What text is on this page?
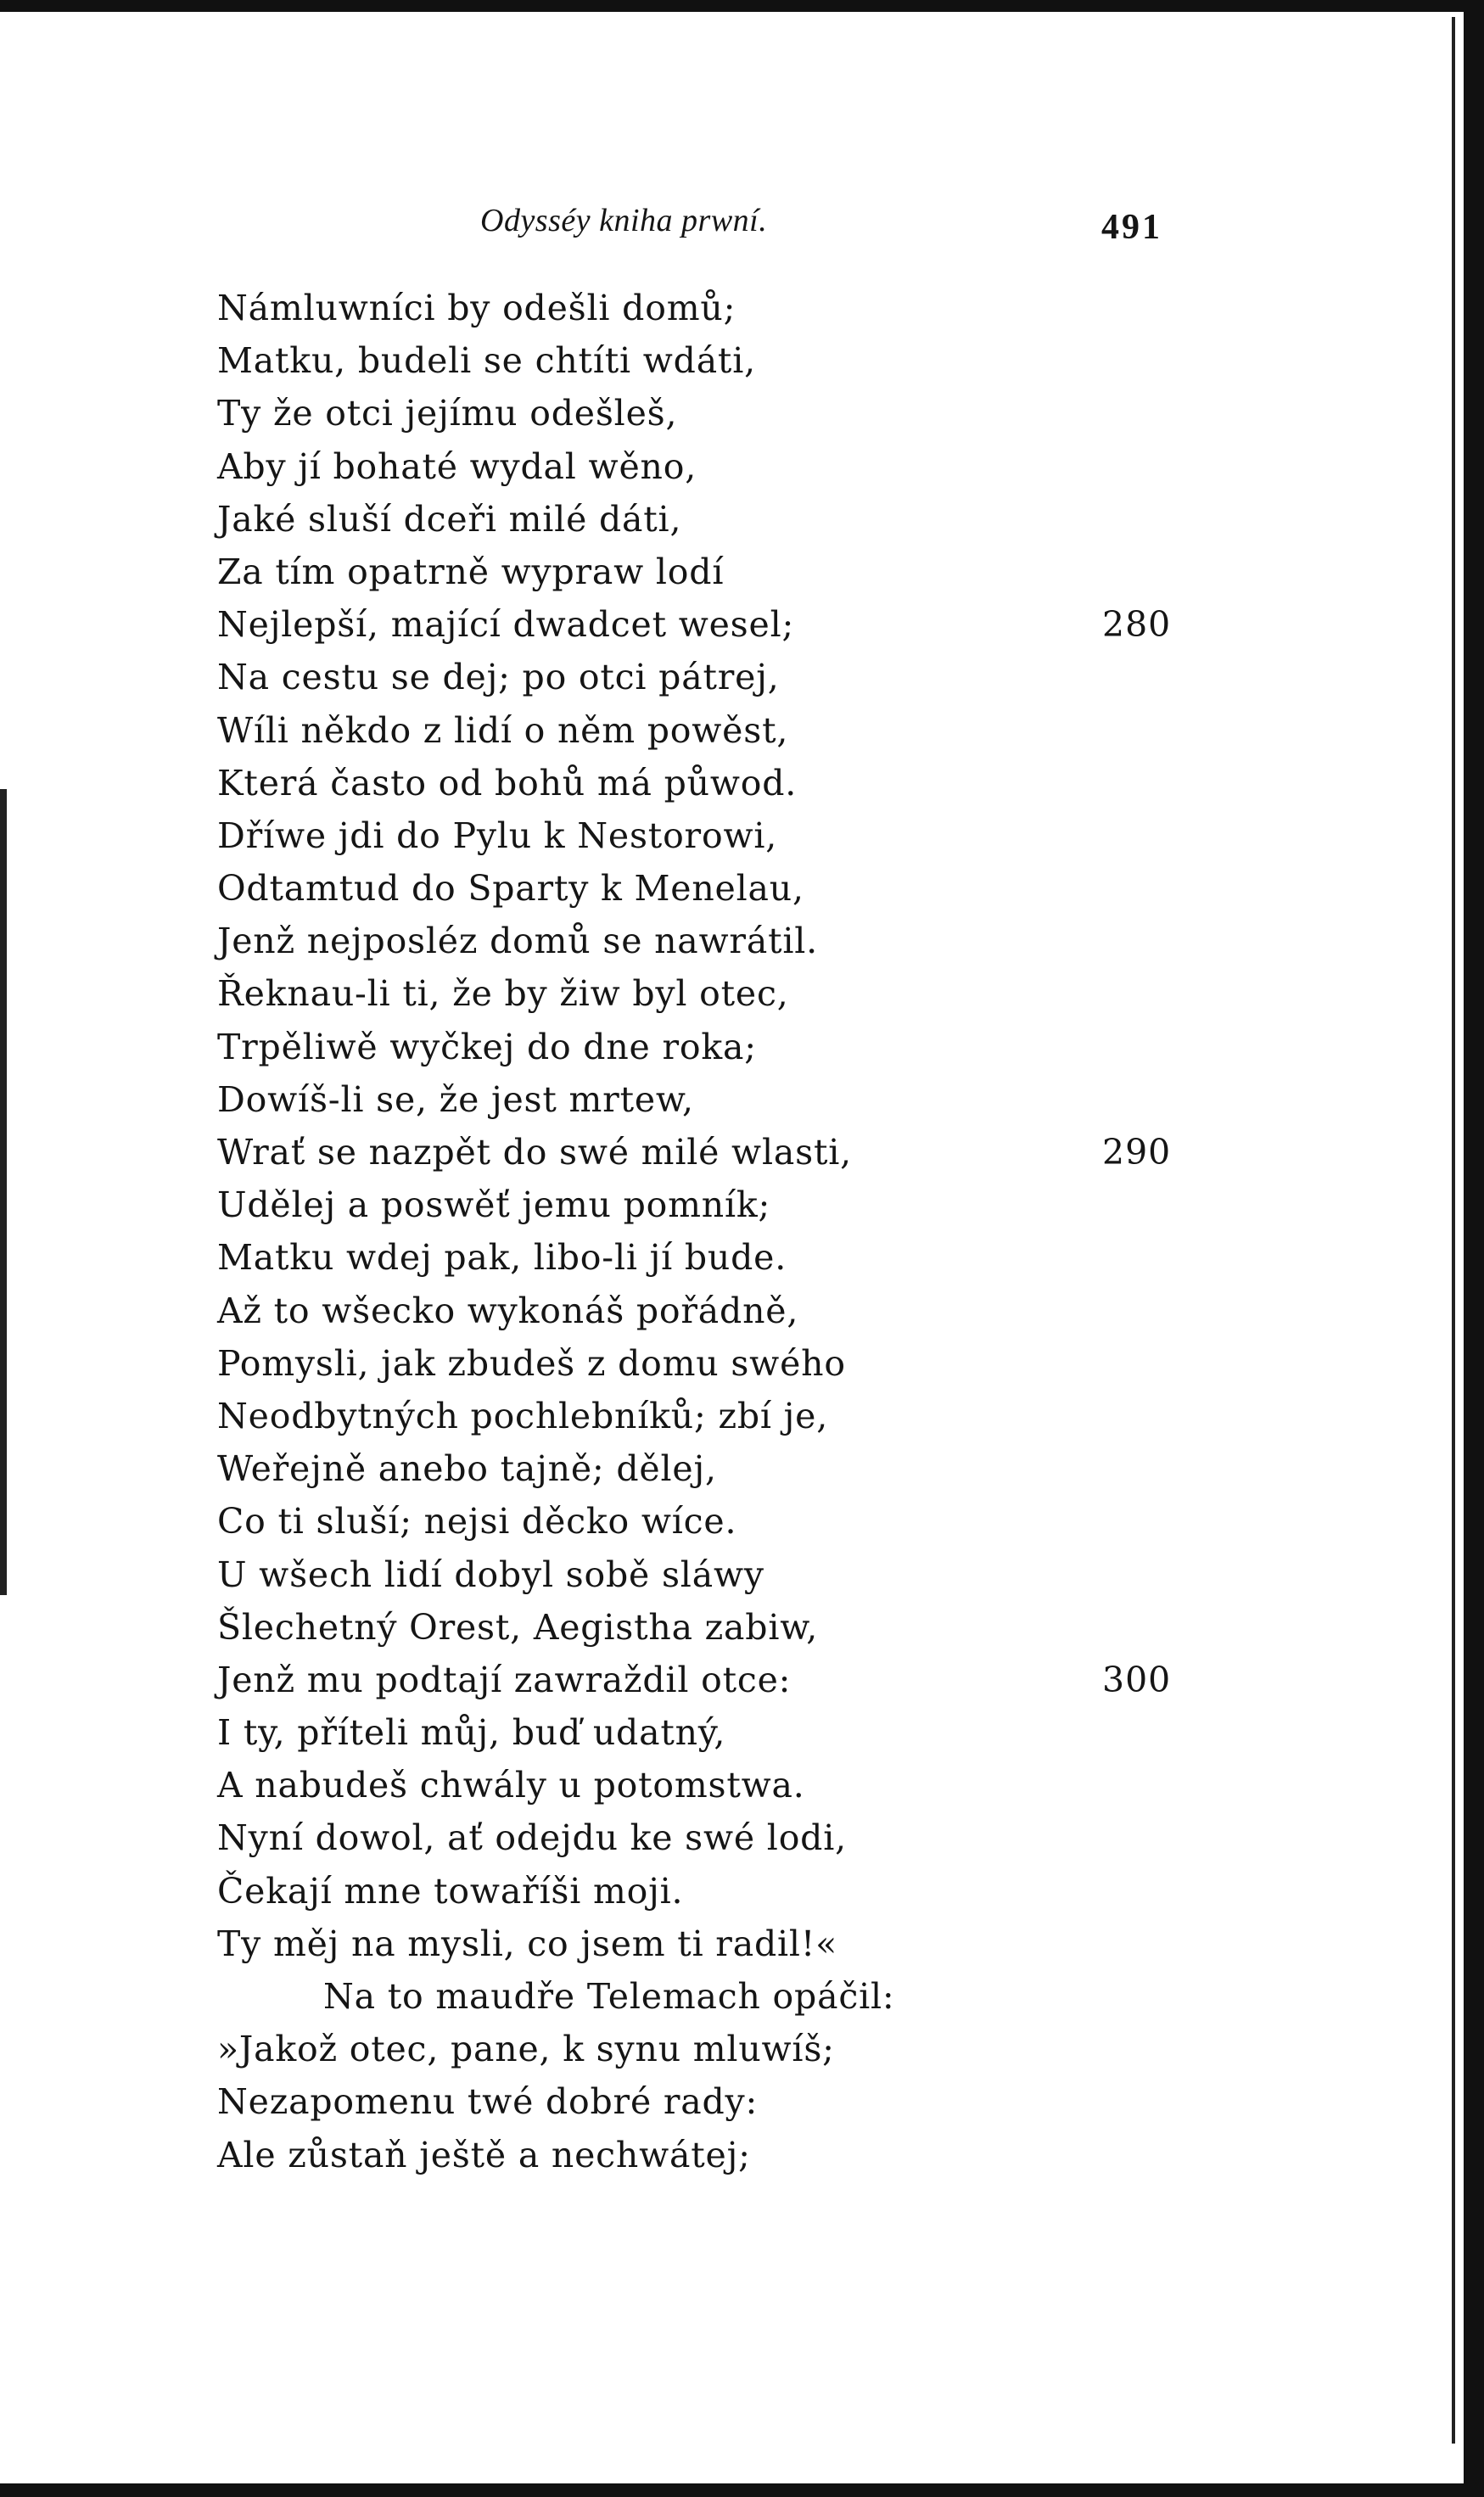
Odysséy kniha prwní.	491
Námluwníci by odešli domů;
Matku, budeli se chtíti wdáti,
Ty že otci jejímu odešleš,
Aby jí bohaté wydal wěno,
Jaké sluší dceři milé dáti,
Za tím opatrně wypraw lodí
Nejlepší, mající dwadcet wesel;	280
Na cestu se dej; po otci pátrej,
Wíli někdo z lidí o něm powěst,
Která často od bohů má půwod.
Dříwe jdi do Pylu k Nestorowi,
Odtamtud do Sparty k Menelau,
Jenž nejposléz domů se nawrátil.
Řeknau-li ti, že by žiw byl otec,
Trpěliwě wyčkej do dne roka;
Dowíš-li se, že jest mrtew,
Wrať se nazpět do swé milé wlasti,	290
Udělej a poswěť jemu pomník;
Matku wdej pak, libo-li jí bude.
Až to wšecko wykonáš pořádně,
Pomysli, jak zbudeš z domu swého
Neodbytných pochlebníků; zbí je,
Weřejně anebo tajně; dělej,
Co ti sluší; nejsi děcko wíce.
U wšech lidí dobyl sobě sláwy
Šlechetný Orest, Aegistha zabiw,
Jenž mu podtají zawraždil otce:	300
I ty, příteli můj, buď udatný,
A nabudeš chwály u potomstwa.
Nyní dowol, ať odejdu ke swé lodi,
Čekají mne towaříši moji.
Ty měj na mysli, co jsem ti radil!«
Na to maudře Telemach opáčil:
»Jakož otec, pane, k synu mluwíš;
Nezapomenu twé dobré rady:
Ale zůstaň ještě a nechwátej;
